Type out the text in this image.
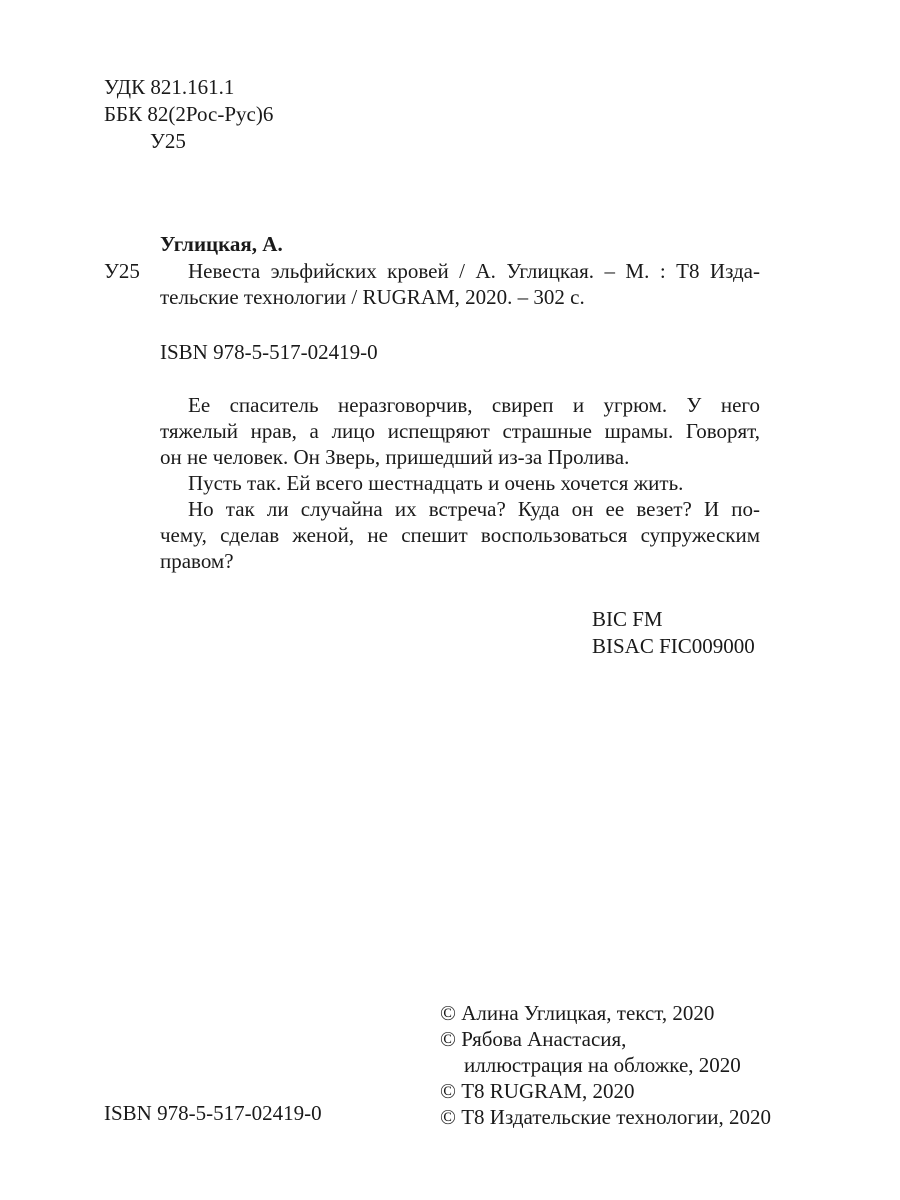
УДК 821.161.1
ББК 82(2Рос-Рус)6
У25
Углицкая, А.
У25	Невеста эльфийских кровей / А. Углицкая. – М. : Т8 Изда-
тельские технологии / RUGRAM, 2020. – 302 с.
ISBN 978-5-517-02419-0
Ее спаситель неразговорчив, свиреп и угрюм. У него
тяжелый нрав, а лицо испещряют страшные шрамы. Говорят,
он не человек. Он Зверь, пришедший из-за Пролива.
Пусть так. Ей всего шестнадцать и очень хочется жить.
Но так ли случайна их встреча? Куда он ее везет? И по-
чему, сделав женой, не спешит воспользоваться супружеским
правом?
BIC FM
BISAC FIC009000
© Алина Углицкая, текст, 2020
© Рябова Анастасия,
иллюстрация на обложке, 2020
© Т8 RUGRAM, 2020
© Т8 Издательские технологии, 2020
ISBN 978-5-517-02419-0
